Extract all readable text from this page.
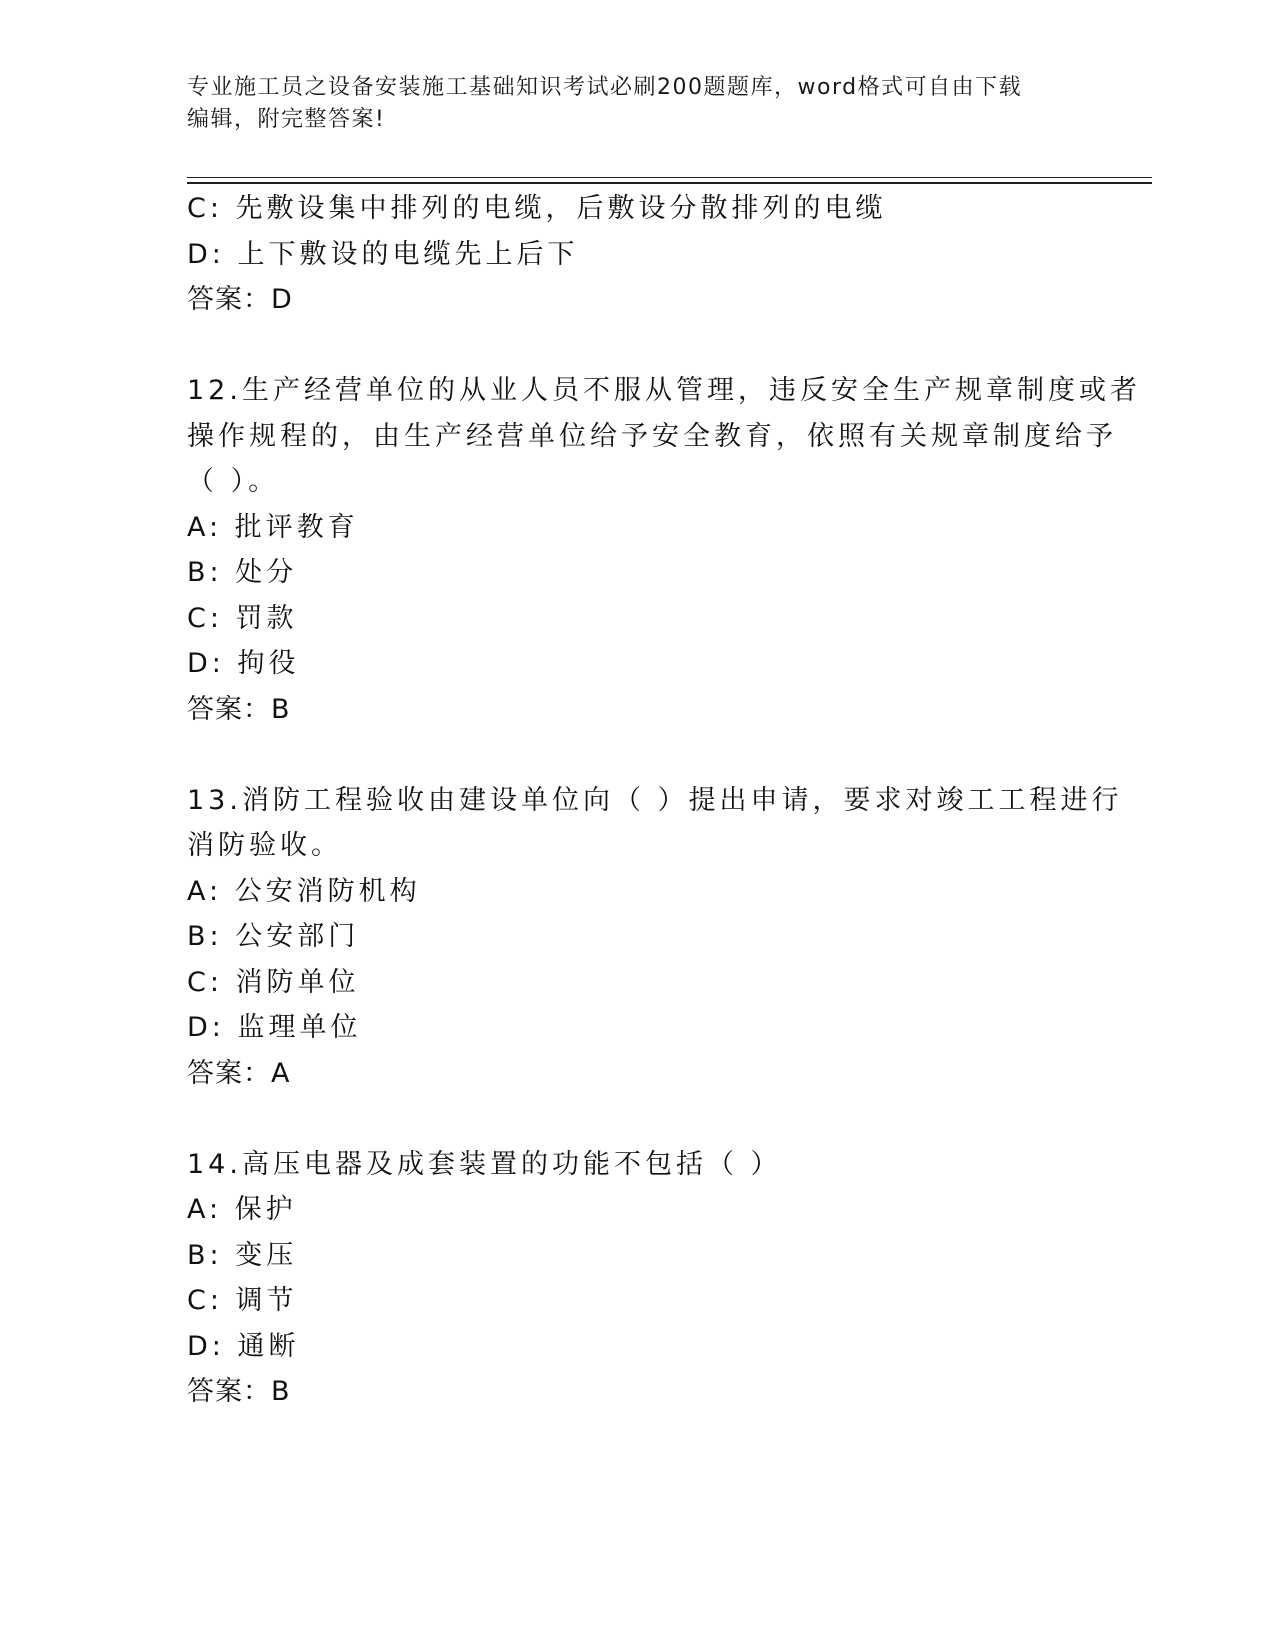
专业施工员之设备安装施工基础知识考试必刷200题题库，word格式可自由下载
编辑，附完整答案!
C: 先敷设集中排列的电缆，后敷设分散排列的电缆
D: 上下敷设的电缆先上后下
答案：D
12.生产经营单位的从业人员不服从管理，违反安全生产规章制度或者
操作规程的，由生产经营单位给予安全教育，依照有关规章制度给予
（ ）。
A: 批评教育
B: 处分
C: 罚款
D: 拘役
答案：B
13.消防工程验收由建设单位向（ ）提出申请，要求对竣工工程进行
消防验收。
A: 公安消防机构
B: 公安部门
C: 消防单位
D: 监理单位
答案：A
14.高压电器及成套装置的功能不包括（ ）
A: 保护
B: 变压
C: 调节
D: 通断
答案：B
